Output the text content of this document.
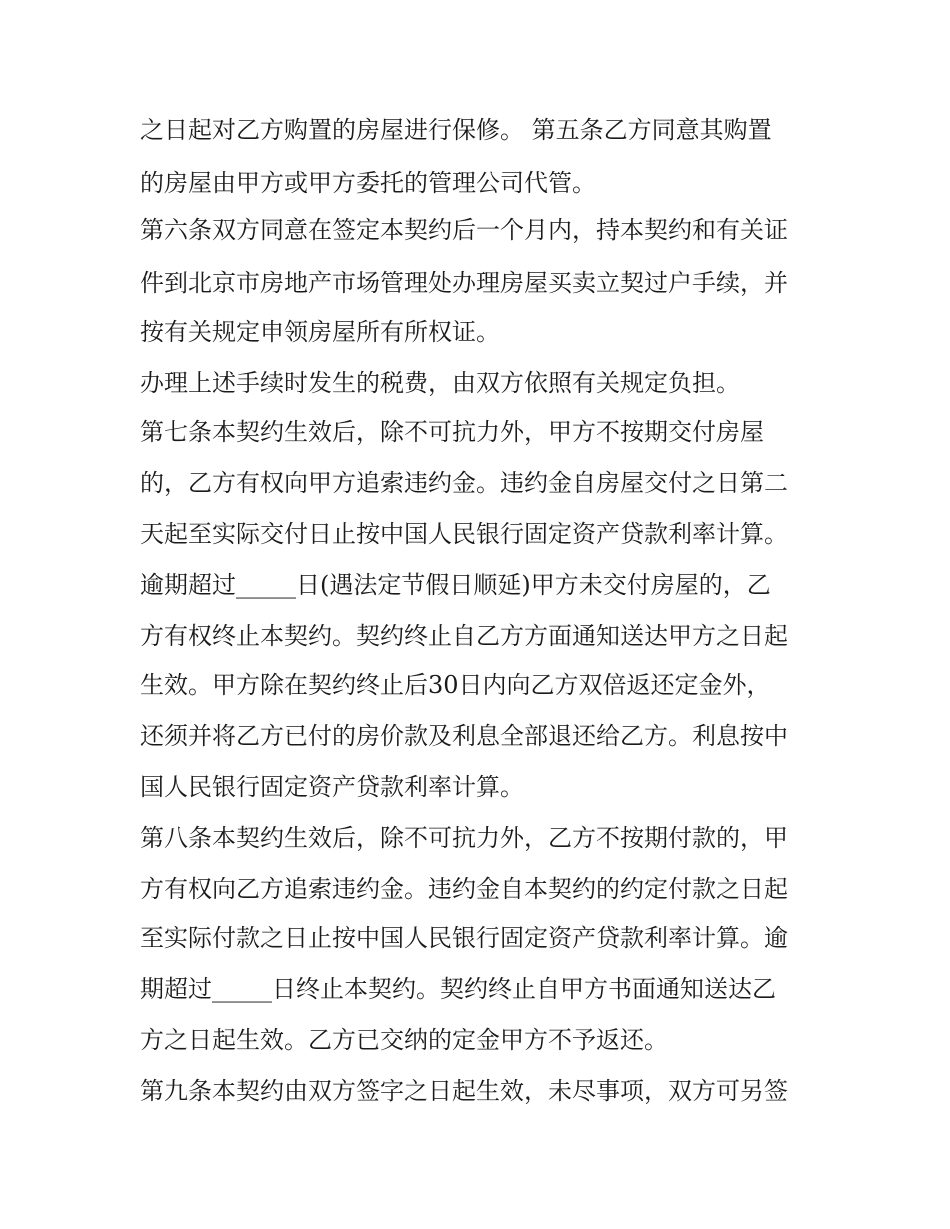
之日起对乙方购置的房屋进行保修。 第五条乙方同意其购置
的房屋由甲方或甲方委托的管理公司代管。
第六条双方同意在签定本契约后一个月内，持本契约和有关证
件到北京市房地产市场管理处办理房屋买卖立契过户手续，并
按有关规定申领房屋所有所权证。
办理上述手续时发生的税费，由双方依照有关规定负担。
第七条本契约生效后，除不可抗力外，甲方不按期交付房屋
的，乙方有权向甲方追索违约金。违约金自房屋交付之日第二
天起至实际交付日止按中国人民银行固定资产贷款利率计算。
逾期超过_____日(遇法定节假日顺延)甲方未交付房屋的，乙
方有权终止本契约。契约终止自乙方方面通知送达甲方之日起
生效。甲方除在契约终止后30日内向乙方双倍返还定金外，
还须并将乙方已付的房价款及利息全部退还给乙方。利息按中
国人民银行固定资产贷款利率计算。
第八条本契约生效后，除不可抗力外，乙方不按期付款的，甲
方有权向乙方追索违约金。违约金自本契约的约定付款之日起
至实际付款之日止按中国人民银行固定资产贷款利率计算。逾
期超过_____日终止本契约。契约终止自甲方书面通知送达乙
方之日起生效。乙方已交纳的定金甲方不予返还。
第九条本契约由双方签字之日起生效，未尽事项，双方可另签
